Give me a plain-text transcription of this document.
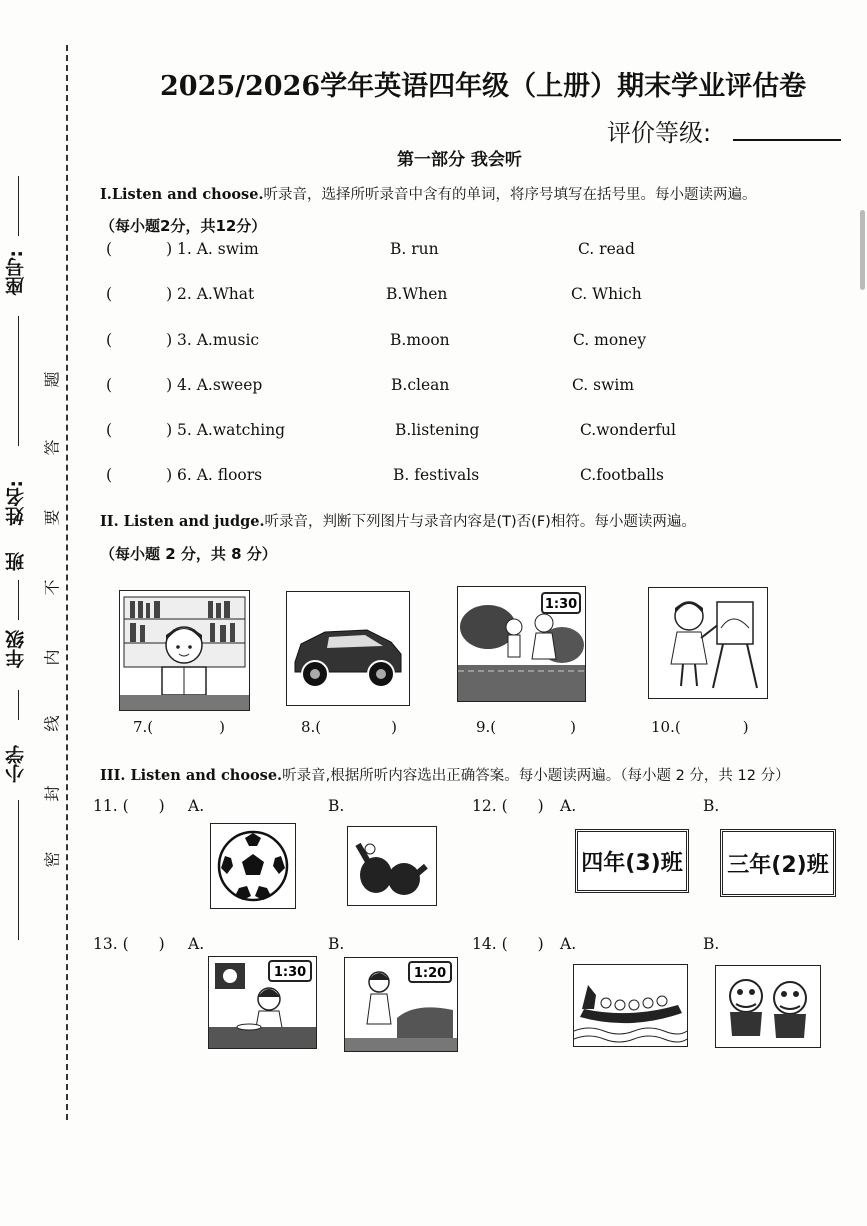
座号:
姓名:
班
年级
小学
题
答
要
不
内
线
封
密
2025/2026学年英语四年级（上册）期末学业评估卷
评价等级:
第一部分 我会听
I.Listen and choose.听录音，选择所听录音中含有的单词，将序号填写在括号里。每小题读两遍。
（每小题2分，共12分）
(	) 1. A. swim	B. run	C. read
(	) 2. A.What	B.When	C. Which
(	) 3. A.music	B.moon	C. money
(	) 4. A.sweep	B.clean	C. swim
(	) 5. A.watching	B.listening	C.wonderful
(	) 6. A. floors	B. festivals	C.footballs
II. Listen and judge.听录音，判断下列图片与录音内容是(T)否(F)相符。每小题读两遍。
（每小题 2 分，共 8 分）
1:30
7.(	)	8.(	)	9.(	)	10.(	)
III. Listen and choose.听录音,根据所听内容选出正确答案。每小题读两遍。（每小题 2 分，共 12 分）
11. ( ) A.	B.	12. ( ) A.	B.
四年(3)班	三年(2)班
13. ( ) A.	B.
1:30	1:20
14. ( ) A.	B.
